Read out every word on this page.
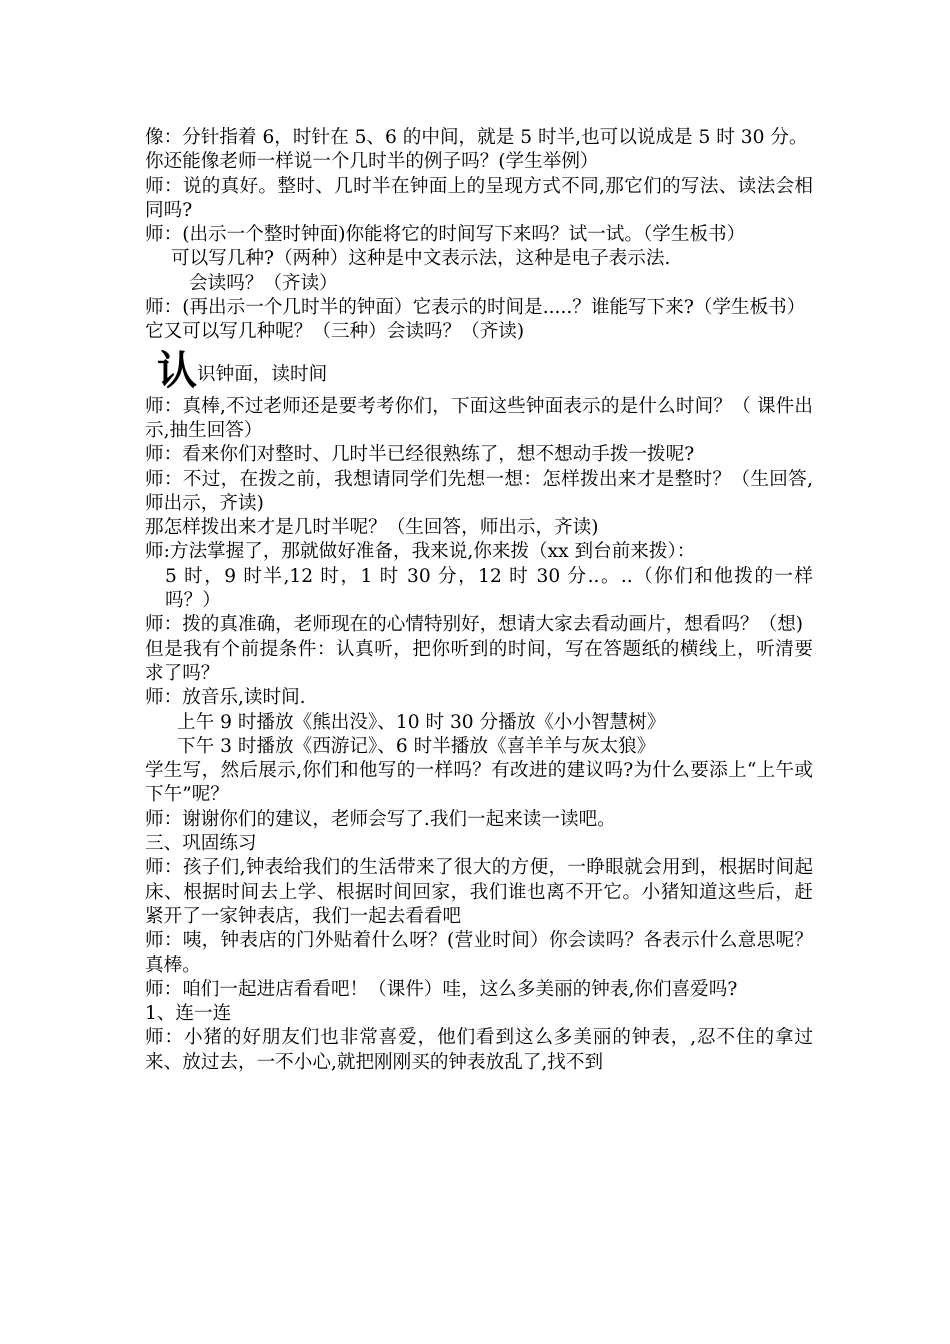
像：分针指着 6，时针在 5、6 的中间，就是 5 时半,也可以说成是 5 时 30 分。

你还能像老师一样说一个几时半的例子吗？(学生举例）

师：说的真好。整时、几时半在钟面上的呈现方式不同,那它们的写法、读法会相同吗?

师：(出示一个整时钟面)你能将它的时间写下来吗？试一试。（学生板书）

可以写几种?（两种）这种是中文表示法，这种是电子表示法.

会读吗？（齐读）

师：(再出示一个几时半的钟面）它表示的时间是.....？谁能写下来?（学生板书）

它又可以写几种呢？（三种）会读吗？（齐读)

认 识钟面，读时间

师：真棒,不过老师还是要考考你们，下面这些钟面表示的是什么时间？（ 课件出示,抽生回答）

师：看来你们对整时、几时半已经很熟练了，想不想动手拨一拨呢?

师：不过，在拨之前，我想请同学们先想一想：怎样拨出来才是整时？（生回答,师出示，齐读)

那怎样拨出来才是几时半呢？（生回答，师出示，齐读)

师:方法掌握了，那就做好准备，我来说,你来拨（xx 到台前来拨）：

5 时，9 时半,12 时，1 时 30 分，12 时 30 分..。..（你们和他拨的一样吗？）

师：拨的真准确，老师现在的心情特别好，想请大家去看动画片，想看吗？（想)

但是我有个前提条件：认真听，把你听到的时间，写在答题纸的横线上，听清要求了吗？

师：放音乐,读时间.

上午 9 时播放《熊出没》、10 时 30 分播放《小小智慧树》

下午 3 时播放《西游记》、6 时半播放《喜羊羊与灰太狼》

学生写，然后展示,你们和他写的一样吗？有改进的建议吗?为什么要添上“上午或下午”呢？

师：谢谢你们的建议，老师会写了.我们一起来读一读吧。

三、巩固练习

师：孩子们,钟表给我们的生活带来了很大的方便，一睁眼就会用到，根据时间起床、根据时间去上学、根据时间回家，我们谁也离不开它。小猪知道这些后，赶紧开了一家钟表店，我们一起去看看吧

师：咦，钟表店的门外贴着什么呀？(营业时间）你会读吗？各表示什么意思呢？真棒。

师：咱们一起进店看看吧！（课件）哇，这么多美丽的钟表,你们喜爱吗?

1、连一连

师：小猪的好朋友们也非常喜爱，他们看到这么多美丽的钟表，,忍不住的拿过来、放过去，一不小心,就把刚刚买的钟表放乱了,找不到
